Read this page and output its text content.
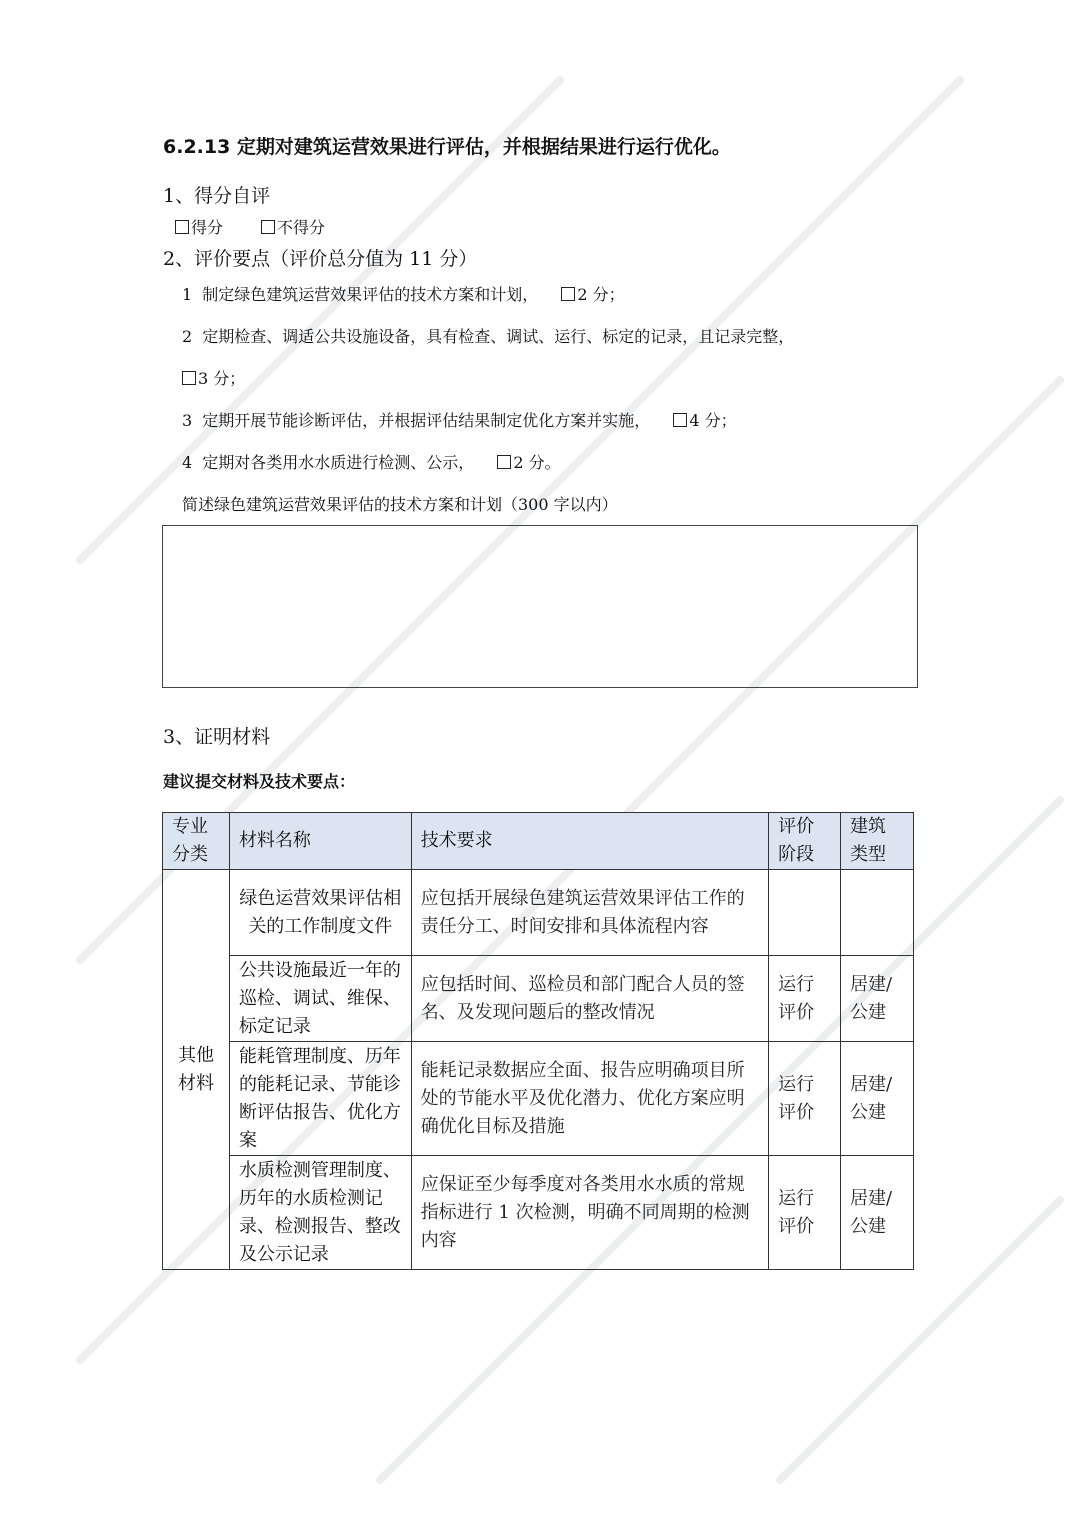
6.2.13 定期对建筑运营效果进行评估，并根据结果进行运行优化。
1、得分自评
得分	不得分
2、评价要点（评价总分值为 11 分）
1 制定绿色建筑运营效果评估的技术方案和计划， 2 分；
2 定期检查、调适公共设施设备，具有检查、调试、运行、标定的记录，且记录完整，
3 分；
3 定期开展节能诊断评估，并根据评估结果制定优化方案并实施， 4 分；
4 定期对各类用水水质进行检测、公示， 2 分。
简述绿色建筑运营效果评估的技术方案和计划（300 字以内）
3、证明材料
建议提交材料及技术要点：
专业分类	材料名称	技术要求	评价阶段	建筑类型
其他材料	绿色运营效果评估相关的工作制度文件	应包括开展绿色建筑运营效果评估工作的责任分工、时间安排和具体流程内容		
	公共设施最近一年的巡检、调试、维保、标定记录	应包括时间、巡检员和部门配合人员的签名、及发现问题后的整改情况	运行评价	居建/公建
	能耗管理制度、历年的能耗记录、节能诊断评估报告、优化方案	能耗记录数据应全面、报告应明确项目所处的节能水平及优化潜力、优化方案应明确优化目标及措施	运行评价	居建/公建
	水质检测管理制度、历年的水质检测记录、检测报告、整改及公示记录	应保证至少每季度对各类用水水质的常规指标进行 1 次检测，明确不同周期的检测内容	运行评价	居建/公建
